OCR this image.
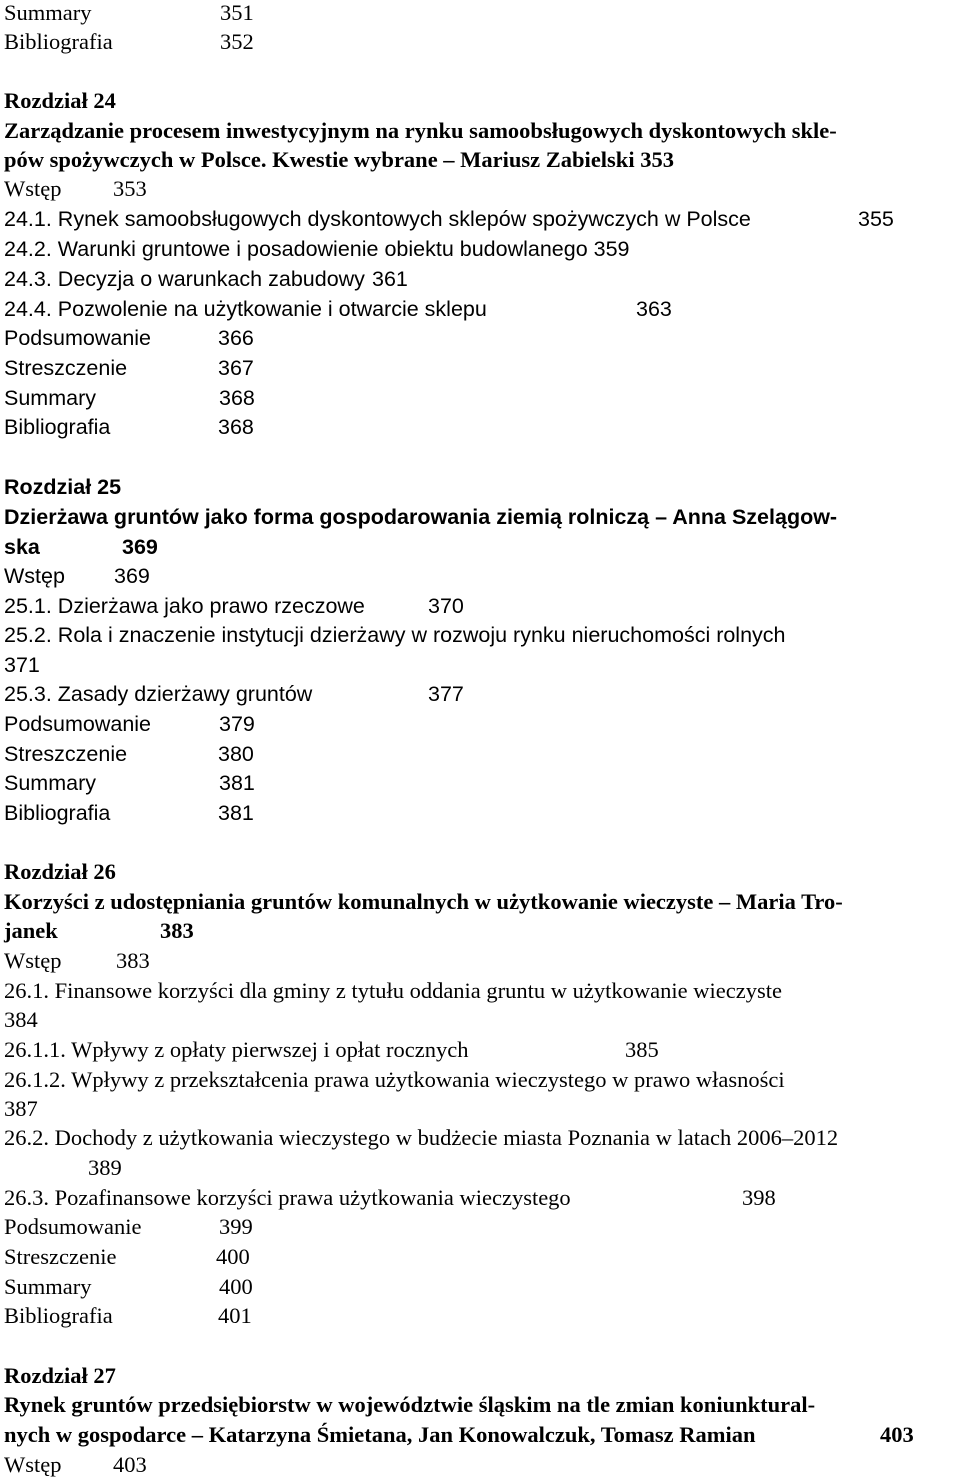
Summary	351
Bibliografia	352
Rozdział 24
Zarządzanie procesem inwestycyjnym na rynku samoobsługowych dyskontowych skle-
pów spożywczych w Polsce. Kwestie wybrane – Mariusz Zabielski 353
Wstęp 353
24.1. Rynek samoobsługowych dyskontowych sklepów spożywczych w Polsce	355
24.2. Warunki gruntowe i posadowienie obiektu budowlanego 359
24.3. Decyzja o warunkach zabudowy 361
24.4. Pozwolenie na użytkowanie i otwarcie sklepu	363
Podsumowanie	366
Streszczenie	367
Summary	368
Bibliografia	368
Rozdział 25
Dzierżawa gruntów jako forma gospodarowania ziemią rolniczą – Anna Szelągow-
ska	369
Wstęp 369
25.1. Dzierżawa jako prawo rzeczowe	370
25.2. Rola i znaczenie instytucji dzierżawy w rozwoju rynku nieruchomości rolnych
371
25.3. Zasady dzierżawy gruntów	377
Podsumowanie	379
Streszczenie	380
Summary	381
Bibliografia	381
Rozdział 26
Korzyści z udostępniania gruntów komunalnych w użytkowanie wieczyste – Maria Tro-
janek	383
Wstęp 383
26.1. Finansowe korzyści dla gminy z tytułu oddania gruntu w użytkowanie wieczyste
384
26.1.1. Wpływy z opłaty pierwszej i opłat rocznych	385
26.1.2. Wpływy z przekształcenia prawa użytkowania wieczystego w prawo własności
387
26.2. Dochody z użytkowania wieczystego w budżecie miasta Poznania w latach 2006–2012
389
26.3. Pozafinansowe korzyści prawa użytkowania wieczystego	398
Podsumowanie	399
Streszczenie	400
Summary	400
Bibliografia	401
Rozdział 27
Rynek gruntów przedsiębiorstw w województwie śląskim na tle zmian koniunktural-
nych w gospodarce – Katarzyna Śmietana, Jan Konowalczuk, Tomasz Ramian	403
Wstęp 403
